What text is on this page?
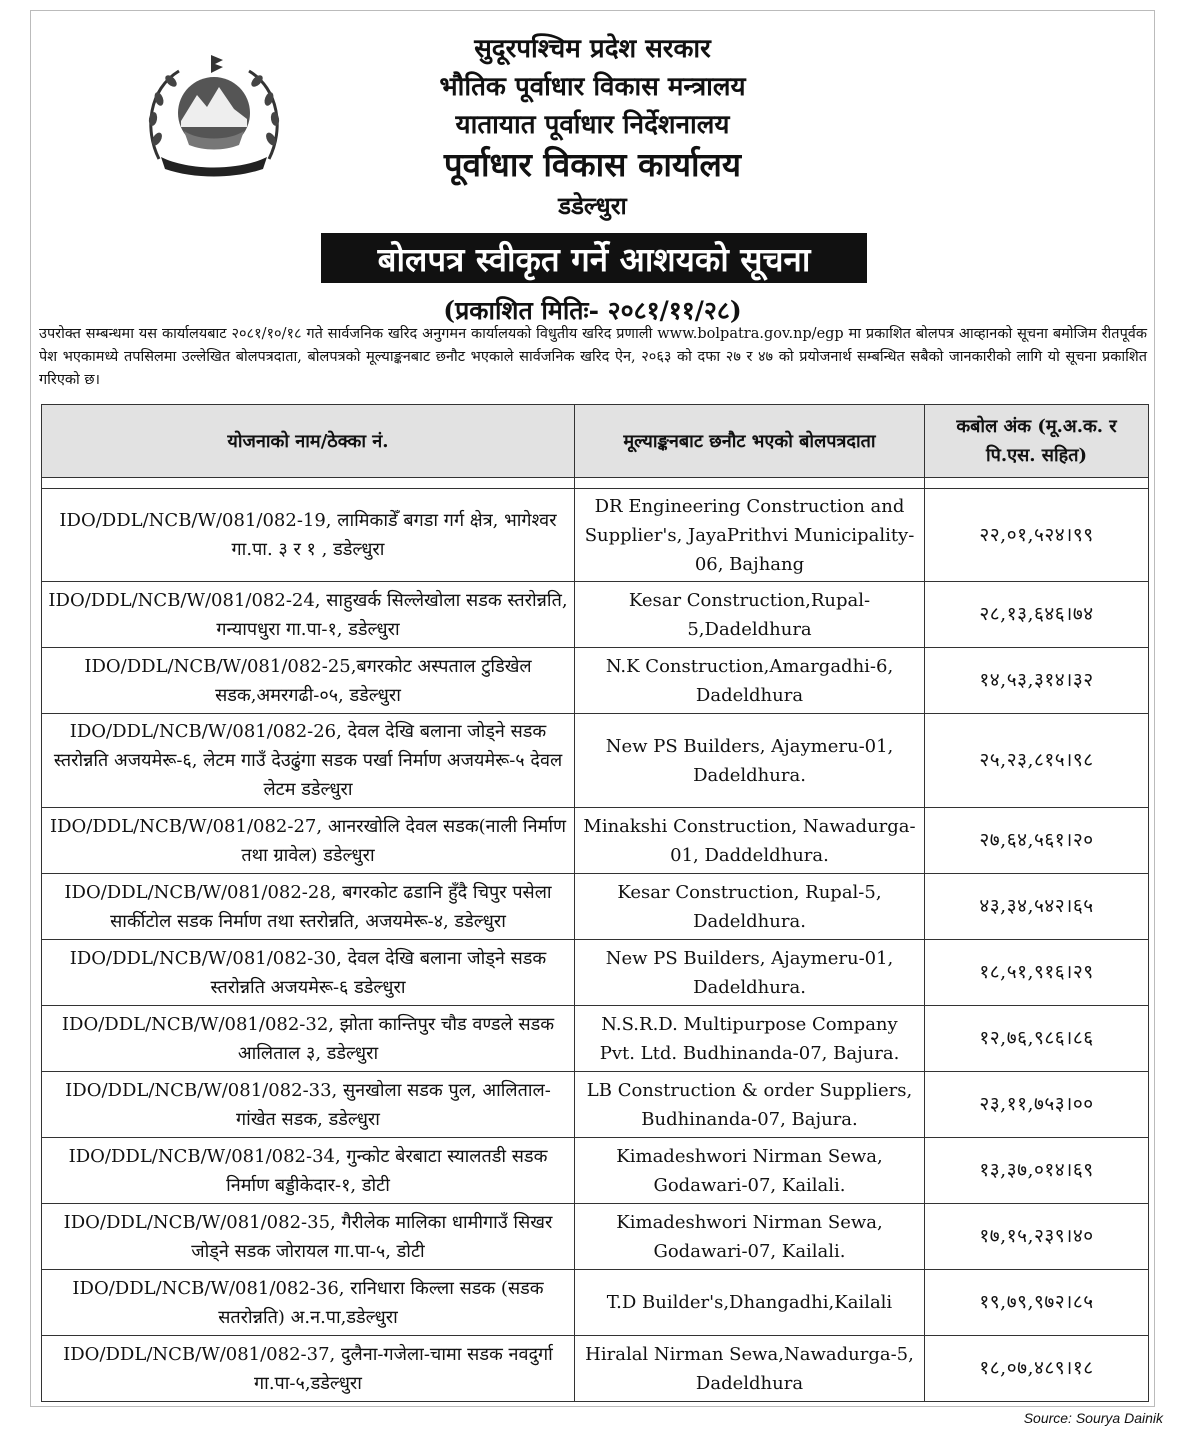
सुदूरपश्चिम प्रदेश सरकार
भौतिक पूर्वाधार विकास मन्त्रालय
यातायात पूर्वाधार निर्देशनालय
पूर्वाधार विकास कार्यालय
डडेल्धुरा
बोलपत्र स्वीकृत गर्ने आशयको सूचना
(प्रकाशित मितिः- २०८१/११/२८)
उपरोक्त सम्बन्धमा यस कार्यालयबाट २०८१/१०/१८ गते सार्वजनिक खरिद अनुगमन कार्यालयको विधुतीय खरिद प्रणाली www.bolpatra.gov.np/egp मा प्रकाशित बोलपत्र आव्हानको सूचना बमोजिम रीतपूर्वक पेश भएकामध्ये तपसिलमा उल्लेखित बोलपत्रदाता, बोलपत्रको मूल्याङ्कनबाट छनौट भएकाले सार्वजनिक खरिद ऐन, २०६३ को दफा २७ र ४७ को प्रयोजनार्थ सम्बन्धित सबैको जानकारीको लागि यो सूचना प्रकाशित गरिएको छ।
योजनाको नाम/ठेक्का नं.	मूल्याङ्कनबाट छनौट भएको बोलपत्रदाता	कबोल अंक (मू.अ.क. र पि.एस. सहित)

IDO/DDL/NCB/W/081/082-19, लामिकाडेँ बगडा गर्ग क्षेत्र, भागेश्वर गा.पा. ३ र १ , डडेल्धुरा	DR Engineering Construction and Supplier's, JayaPrithvi Municipality-06, Bajhang	२२,०१,५२४।९९
IDO/DDL/NCB/W/081/082-24, साहुखर्क सिल्लेखोला सडक स्तरोन्नति, गन्यापधुरा गा.पा-१, डडेल्धुरा	Kesar Construction,Rupal-5,Dadeldhura	२८,१३,६४६।७४
IDO/DDL/NCB/W/081/082-25,बगरकोट अस्पताल टुडिखेल सडक,अमरगढी-०५, डडेल्धुरा	N.K Construction,Amargadhi-6, Dadeldhura	१४,५३,३१४।३२
IDO/DDL/NCB/W/081/082-26, देवल देखि बलाना जोड्ने सडक स्तरोन्नति अजयमेरू-६, लेटम गाउँ देउढुंगा सडक पर्खा निर्माण अजयमेरू-५ देवल लेटम डडेल्धुरा	New PS Builders, Ajaymeru-01, Dadeldhura.	२५,२३,८१५।९८
IDO/DDL/NCB/W/081/082-27, आनरखोलि देवल सडक(नाली निर्माण तथा ग्रावेल) डडेल्धुरा	Minakshi Construction, Nawadurga-01, Daddeldhura.	२७,६४,५६१।२०
IDO/DDL/NCB/W/081/082-28, बगरकोट ढडानि हुँदै चिपुर पसेला सार्कीटोल सडक निर्माण तथा स्तरोन्नति, अजयमेरू-४, डडेल्धुरा	Kesar Construction, Rupal-5, Dadeldhura.	४३,३४,५४२।६५
IDO/DDL/NCB/W/081/082-30, देवल देखि बलाना जोड्ने सडक स्तरोन्नति अजयमेरू-६ डडेल्धुरा	New PS Builders, Ajaymeru-01, Dadeldhura.	१८,५१,९१६।२९
IDO/DDL/NCB/W/081/082-32, झोता कान्तिपुर चौड वण्डले सडक आलिताल ३, डडेल्धुरा	N.S.R.D. Multipurpose Company Pvt. Ltd. Budhinanda-07, Bajura.	१२,७६,९८६।८६
IDO/DDL/NCB/W/081/082-33, सुनखोला सडक पुल, आलिताल-गांखेत सडक, डडेल्धुरा	LB Construction & order Suppliers, Budhinanda-07, Bajura.	२३,११,७५३।००
IDO/DDL/NCB/W/081/082-34, गुन्कोट बेरबाटा स्यालतडी सडक निर्माण बड्डीकेदार-१, डोटी	Kimadeshwori Nirman Sewa, Godawari-07, Kailali.	१३,३७,०१४।६९
IDO/DDL/NCB/W/081/082-35, गैरीलेक मालिका धामीगाउँ सिखर जोड्ने सडक जोरायल गा.पा-५, डोटी	Kimadeshwori Nirman Sewa, Godawari-07, Kailali.	१७,१५,२३९।४०
IDO/DDL/NCB/W/081/082-36, रानिधारा किल्ला सडक (सडक सतरोन्नति) अ.न.पा,डडेल्धुरा	T.D Builder's,Dhangadhi,Kailali	१९,७९,९७२।८५
IDO/DDL/NCB/W/081/082-37, दुलैना-गजेला-चामा सडक नवदुर्गा गा.पा-५,डडेल्धुरा	Hiralal Nirman Sewa,Nawadurga-5, Dadeldhura	१८,०७,४८९।१८
Source: Sourya Dainik
